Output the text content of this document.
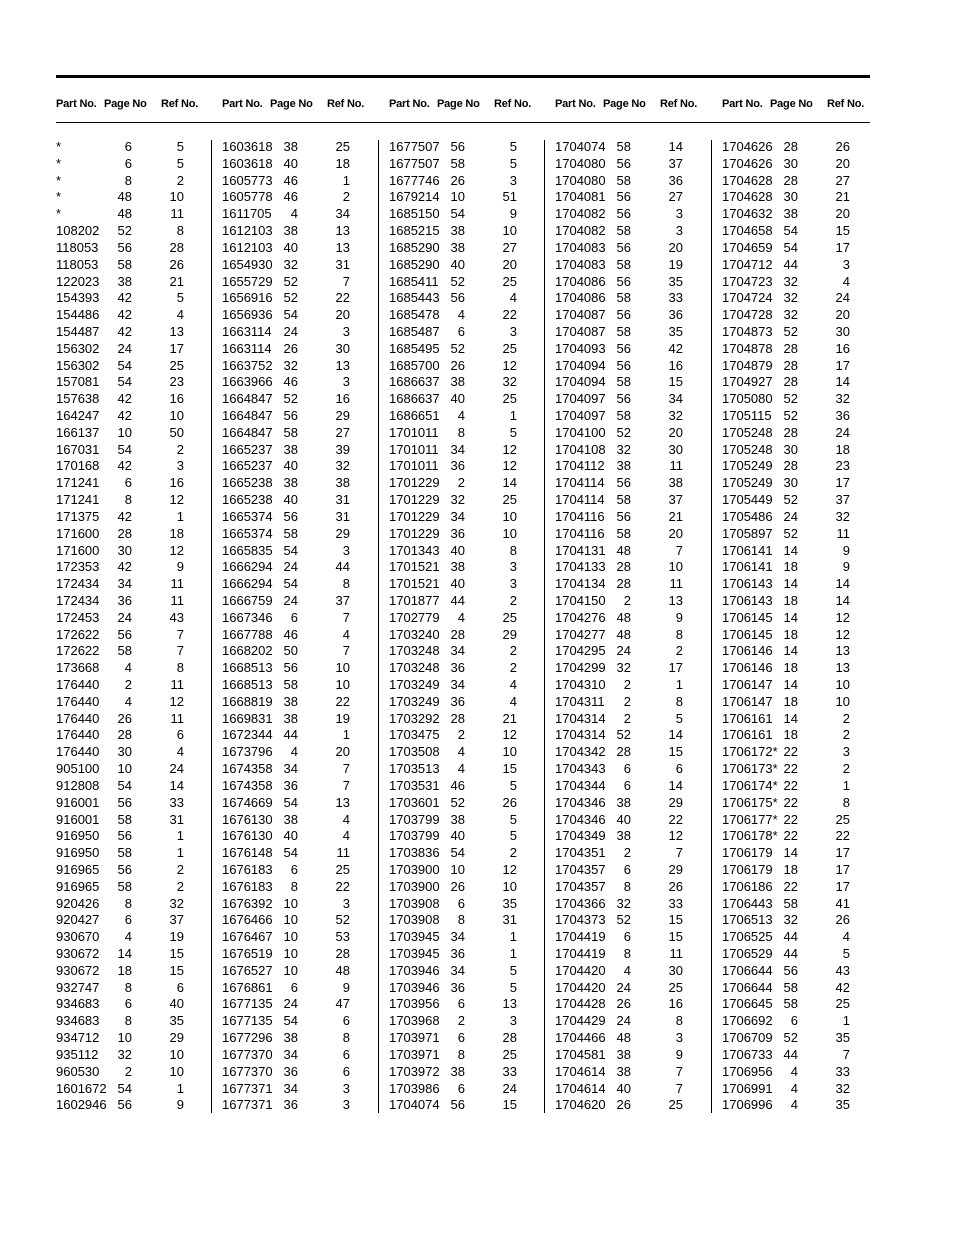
Part No. Page No Ref No.
*	6	5
*	6	5
*	8	2
*	48	10
*	48	11
108202	52	8
118053	56	28
118053	58	26
122023	38	21
154393	42	5
154486	42	4
154487	42	13
156302	24	17
156302	54	25
157081	54	23
157638	42	16
164247	42	10
166137	10	50
167031	54	2
170168	42	3
171241	6	16
171241	8	12
171375	42	1
171600	28	18
171600	30	12
172353	42	9
172434	34	11
172434	36	11
172453	24	43
172622	56	7
172622	58	7
173668	4	8
176440	2	11
176440	4	12
176440	26	11
176440	28	6
176440	30	4
905100	10	24
912808	54	14
916001	56	33
916001	58	31
916950	56	1
916950	58	1
916965	56	2
916965	58	2
920426	8	32
920427	6	37
930670	4	19
930672	14	15
930672	18	15
932747	8	6
934683	6	40
934683	8	35
934712	10	29
935112	32	10
960530	2	10
1601672 54	1
1602946 56	9
Part No. Page No Ref No.
1603618 38	25
1603618 40	18
1605773 46	1
1605778 46	2
1611705	4	34
1612103 38	13
1612103 40	13
1654930 32	31
1655729 52	7
1656916 52	22
1656936 54	20
1663114 24	3
1663114 26	30
1663752 32	13
1663966 46	3
1664847 52	16
1664847 56	29
1664847 58	27
1665237 38	39
1665237 40	32
1665238 38	38
1665238 40	31
1665374 56	31
1665374 58	29
1665835 54	3
1666294 24	44
1666294 54	8
1666759 24	37
1667346	6	7
1667788 46	4
1668202 50	7
1668513 56	10
1668513 58	10
1668819 38	22
1669831 38	19
1672344 44	1
1673796	4	20
1674358 34	7
1674358 36	7
1674669 54	13
1676130 38	4
1676130 40	4
1676148 54	11
1676183	6	25
1676183	8	22
1676392 10	3
1676466 10	52
1676467 10	53
1676519 10	28
1676527 10	48
1676861	6	9
1677135 24	47
1677135 54	6
1677296 38	8
1677370 34	6
1677370 36	6
1677371 34	3
1677371 36	3
Part No. Page No Ref No.
1677507 56	5
1677507 58	5
1677746 26	3
1679214 10	51
1685150 54	9
1685215 38	10
1685290 38	27
1685290 40	20
1685411 52	25
1685443 56	4
1685478	4	22
1685487	6	3
1685495 52	25
1685700 26	12
1686637 38	32
1686637 40	25
1686651	4	1
1701011	8	5
1701011 34	12
1701011 36	12
1701229	2	14
1701229 32	25
1701229 34	10
1701229 36	10
1701343 40	8
1701521 38	3
1701521 40	3
1701877 44	2
1702779	4	25
1703240 28	29
1703248 34	2
1703248 36	2
1703249 34	4
1703249 36	4
1703292 28	21
1703475	2	12
1703508	4	10
1703513	4	15
1703531 46	5
1703601 52	26
1703799 38	5
1703799 40	5
1703836 54	2
1703900 10	12
1703900 26	10
1703908	6	35
1703908	8	31
1703945 34	1
1703945 36	1
1703946 34	5
1703946 36	5
1703956	6	13
1703968	2	3
1703971	6	28
1703971	8	25
1703972 38	33
1703986	6	24
1704074 56	15
Part No. Page No Ref No.
1704074 58	14
1704080 56	37
1704080 58	36
1704081 56	27
1704082 56	3
1704082 58	3
1704083 56	20
1704083 58	19
1704086 56	35
1704086 58	33
1704087 56	36
1704087 58	35
1704093 56	42
1704094 56	16
1704094 58	15
1704097 56	34
1704097 58	32
1704100 52	20
1704108 32	30
1704112 38	11
1704114 56	38
1704114 58	37
1704116 56	21
1704116 58	20
1704131 48	7
1704133 28	10
1704134 28	11
1704150	2	13
1704276 48	9
1704277 48	8
1704295 24	2
1704299 32	17
1704310	2	1
1704311	2	8
1704314	2	5
1704314 52	14
1704342 28	15
1704343	6	6
1704344	6	14
1704346 38	29
1704346 40	22
1704349 38	12
1704351	2	7
1704357	6	29
1704357	8	26
1704366 32	33
1704373 52	15
1704419	6	15
1704419	8	11
1704420	4	30
1704420 24	25
1704428 26	16
1704429 24	8
1704466 48	3
1704581 38	9
1704614 38	7
1704614 40	7
1704620 26	25
Part No. Page No Ref No.
1704626 28	26
1704626 30	20
1704628 28	27
1704628 30	21
1704632 38	20
1704658 54	15
1704659 54	17
1704712 44	3
1704723 32	4
1704724 32	24
1704728 32	20
1704873 52	30
1704878 28	16
1704879 28	17
1704927 28	14
1705080 52	32
1705115 52	36
1705248 28	24
1705248 30	18
1705249 28	23
1705249 30	17
1705449 52	37
1705486 24	32
1705897 52	11
1706141 14	9
1706141 18	9
1706143 14	14
1706143 18	14
1706145 14	12
1706145 18	12
1706146 14	13
1706146 18	13
1706147 14	10
1706147 18	10
1706161 14	2
1706161 18	2
1706172* 22	3
1706173* 22	2
1706174* 22	1
1706175* 22	8
1706177* 22	25
1706178* 22	22
1706179 14	17
1706179 18	17
1706186 22	17
1706443 58	41
1706513 32	26
1706525 44	4
1706529 44	5
1706644 56	43
1706644 58	42
1706645 58	25
1706692	6	1
1706709 52	35
1706733 44	7
1706956	4	33
1706991	4	32
1706996	4	35
